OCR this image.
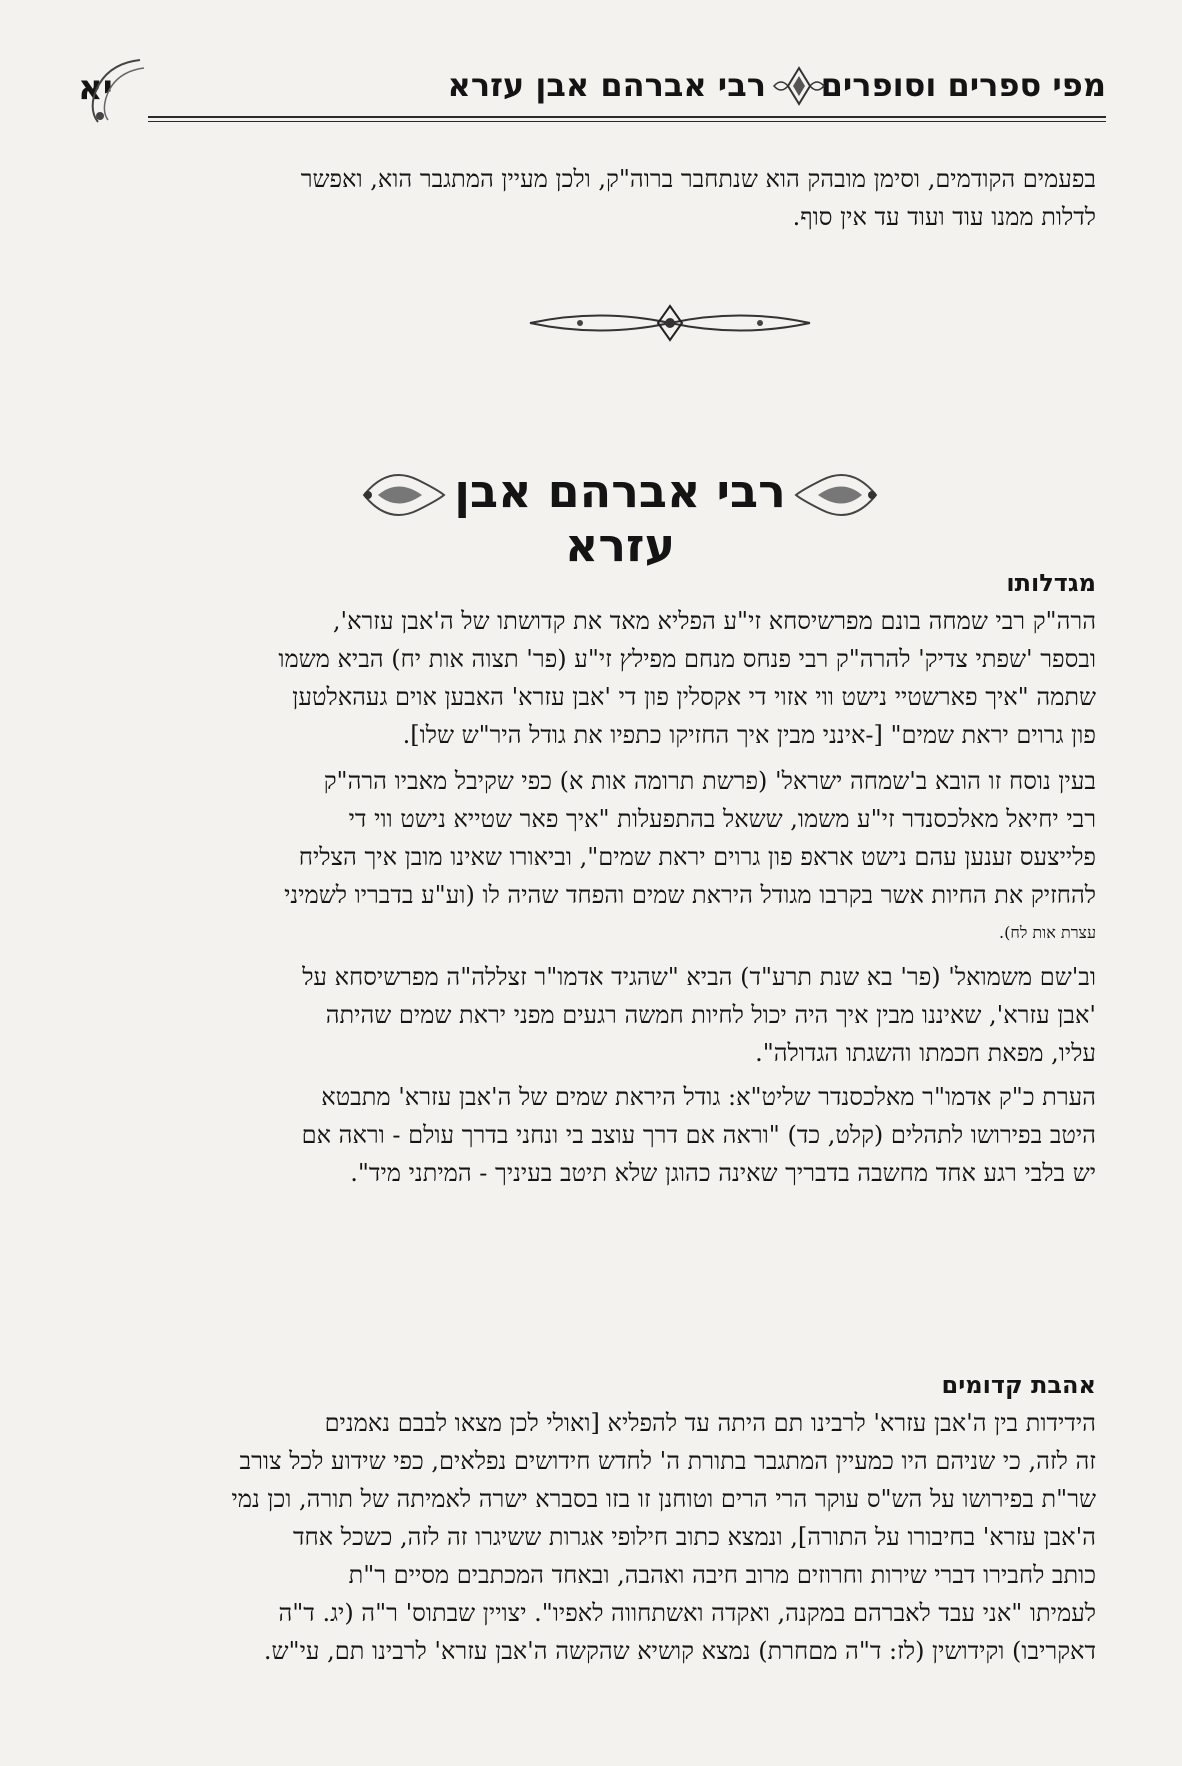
מפי ספרים וסופרים
רבי אברהם אבן עזרא
יא

בפעמים הקודמים, וסימן מובהק הוא שנתחבר ברוה"ק, ולכן מעיין המתגבר הוא, ואפשר

לדלות ממנו עוד ועוד עד אין סוף.

רבי אברהם אבן עזרא

מגדלותו

הרה"ק רבי שמחה בונם מפרשיסחא זי"ע הפליא מאד את קדושתו של ה'אבן עזרא',

ובספר 'שפתי צדיק' להרה"ק רבי פנחס מנחם מפילץ זי"ע (פר' תצוה אות יח) הביא משמו

שתמה "איך פארשטיי נישט ווי אזוי די אקסלין פון די 'אבן עזרא' האבען אוים געהאלטען

פון גרוים יראת שמים" [-אינני מבין איך החזיקו כתפיו את גודל היר"ש שלו].

בעין נוסח זו הובא ב'שמחה ישראל' (פרשת תרומה אות א) כפי שקיבל מאביו הרה"ק

רבי יחיאל מאלכסנדר זי"ע משמו, ששאל בהתפעלות "איך פאר שטייא נישט ווי די

פלייצעס זענען עהם נישט אראפ פון גרוים יראת שמים", וביאורו שאינו מובן איך הצליח

להחזיק את החיות אשר בקרבו מגודל היראת שמים והפחד שהיה לו (וע"ע בדבריו לשמיני

עצרת אות לח).

וב'שם משמואל' (פר' בא שנת תרע"ד) הביא "שהגיד אדמו"ר זצללה"ה מפרשיסחא על

'אבן עזרא', שאיננו מבין איך היה יכול לחיות חמשה רגעים מפני יראת שמים שהיתה

עליו, מפאת חכמתו והשגתו הגדולה".

הערת כ"ק אדמו"ר מאלכסנדר שליט"א: גודל היראת שמים של ה'אבן עזרא' מתבטא

היטב בפירושו לתהלים (קלט, כד) "וראה אם דרך עוצב בי ונחני בדרך עולם - וראה אם

יש בלבי רגע אחד מחשבה בדבריך שאינה כהוגן שלא תיטב בעיניך - המיתני מיד".

אהבת קדומים

הידידות בין ה'אבן עזרא' לרבינו תם היתה עד להפליא [ואולי לכן מצאו לבבם נאמנים

זה לזה, כי שניהם היו כמעיין המתגבר בתורת ה' לחדש חידושים נפלאים, כפי שידוע לכל צורב

שר"ת בפירושו על הש"ס עוקר הרי הרים וטוחנן זו בזו בסברא ישרה לאמיתה של תורה, וכן נמי

ה'אבן עזרא' בחיבורו על התורה], ונמצא כתוב חילופי אגרות ששיגרו זה לזה, כשכל אחד

כותב לחבירו דברי שירות וחרוזים מרוב חיבה ואהבה, ובאחד המכתבים מסיים ר"ת

לעמיתו "אני עבד לאברהם במקנה, ואקדה ואשתחווה לאפיו". יצויין שבתוס' ר"ה (יג. ד"ה

דאקריבו) וקידושין (לז: ד"ה מםחרת) נמצא קושיא שהקשה ה'אבן עזרא' לרבינו תם, עי"ש.
